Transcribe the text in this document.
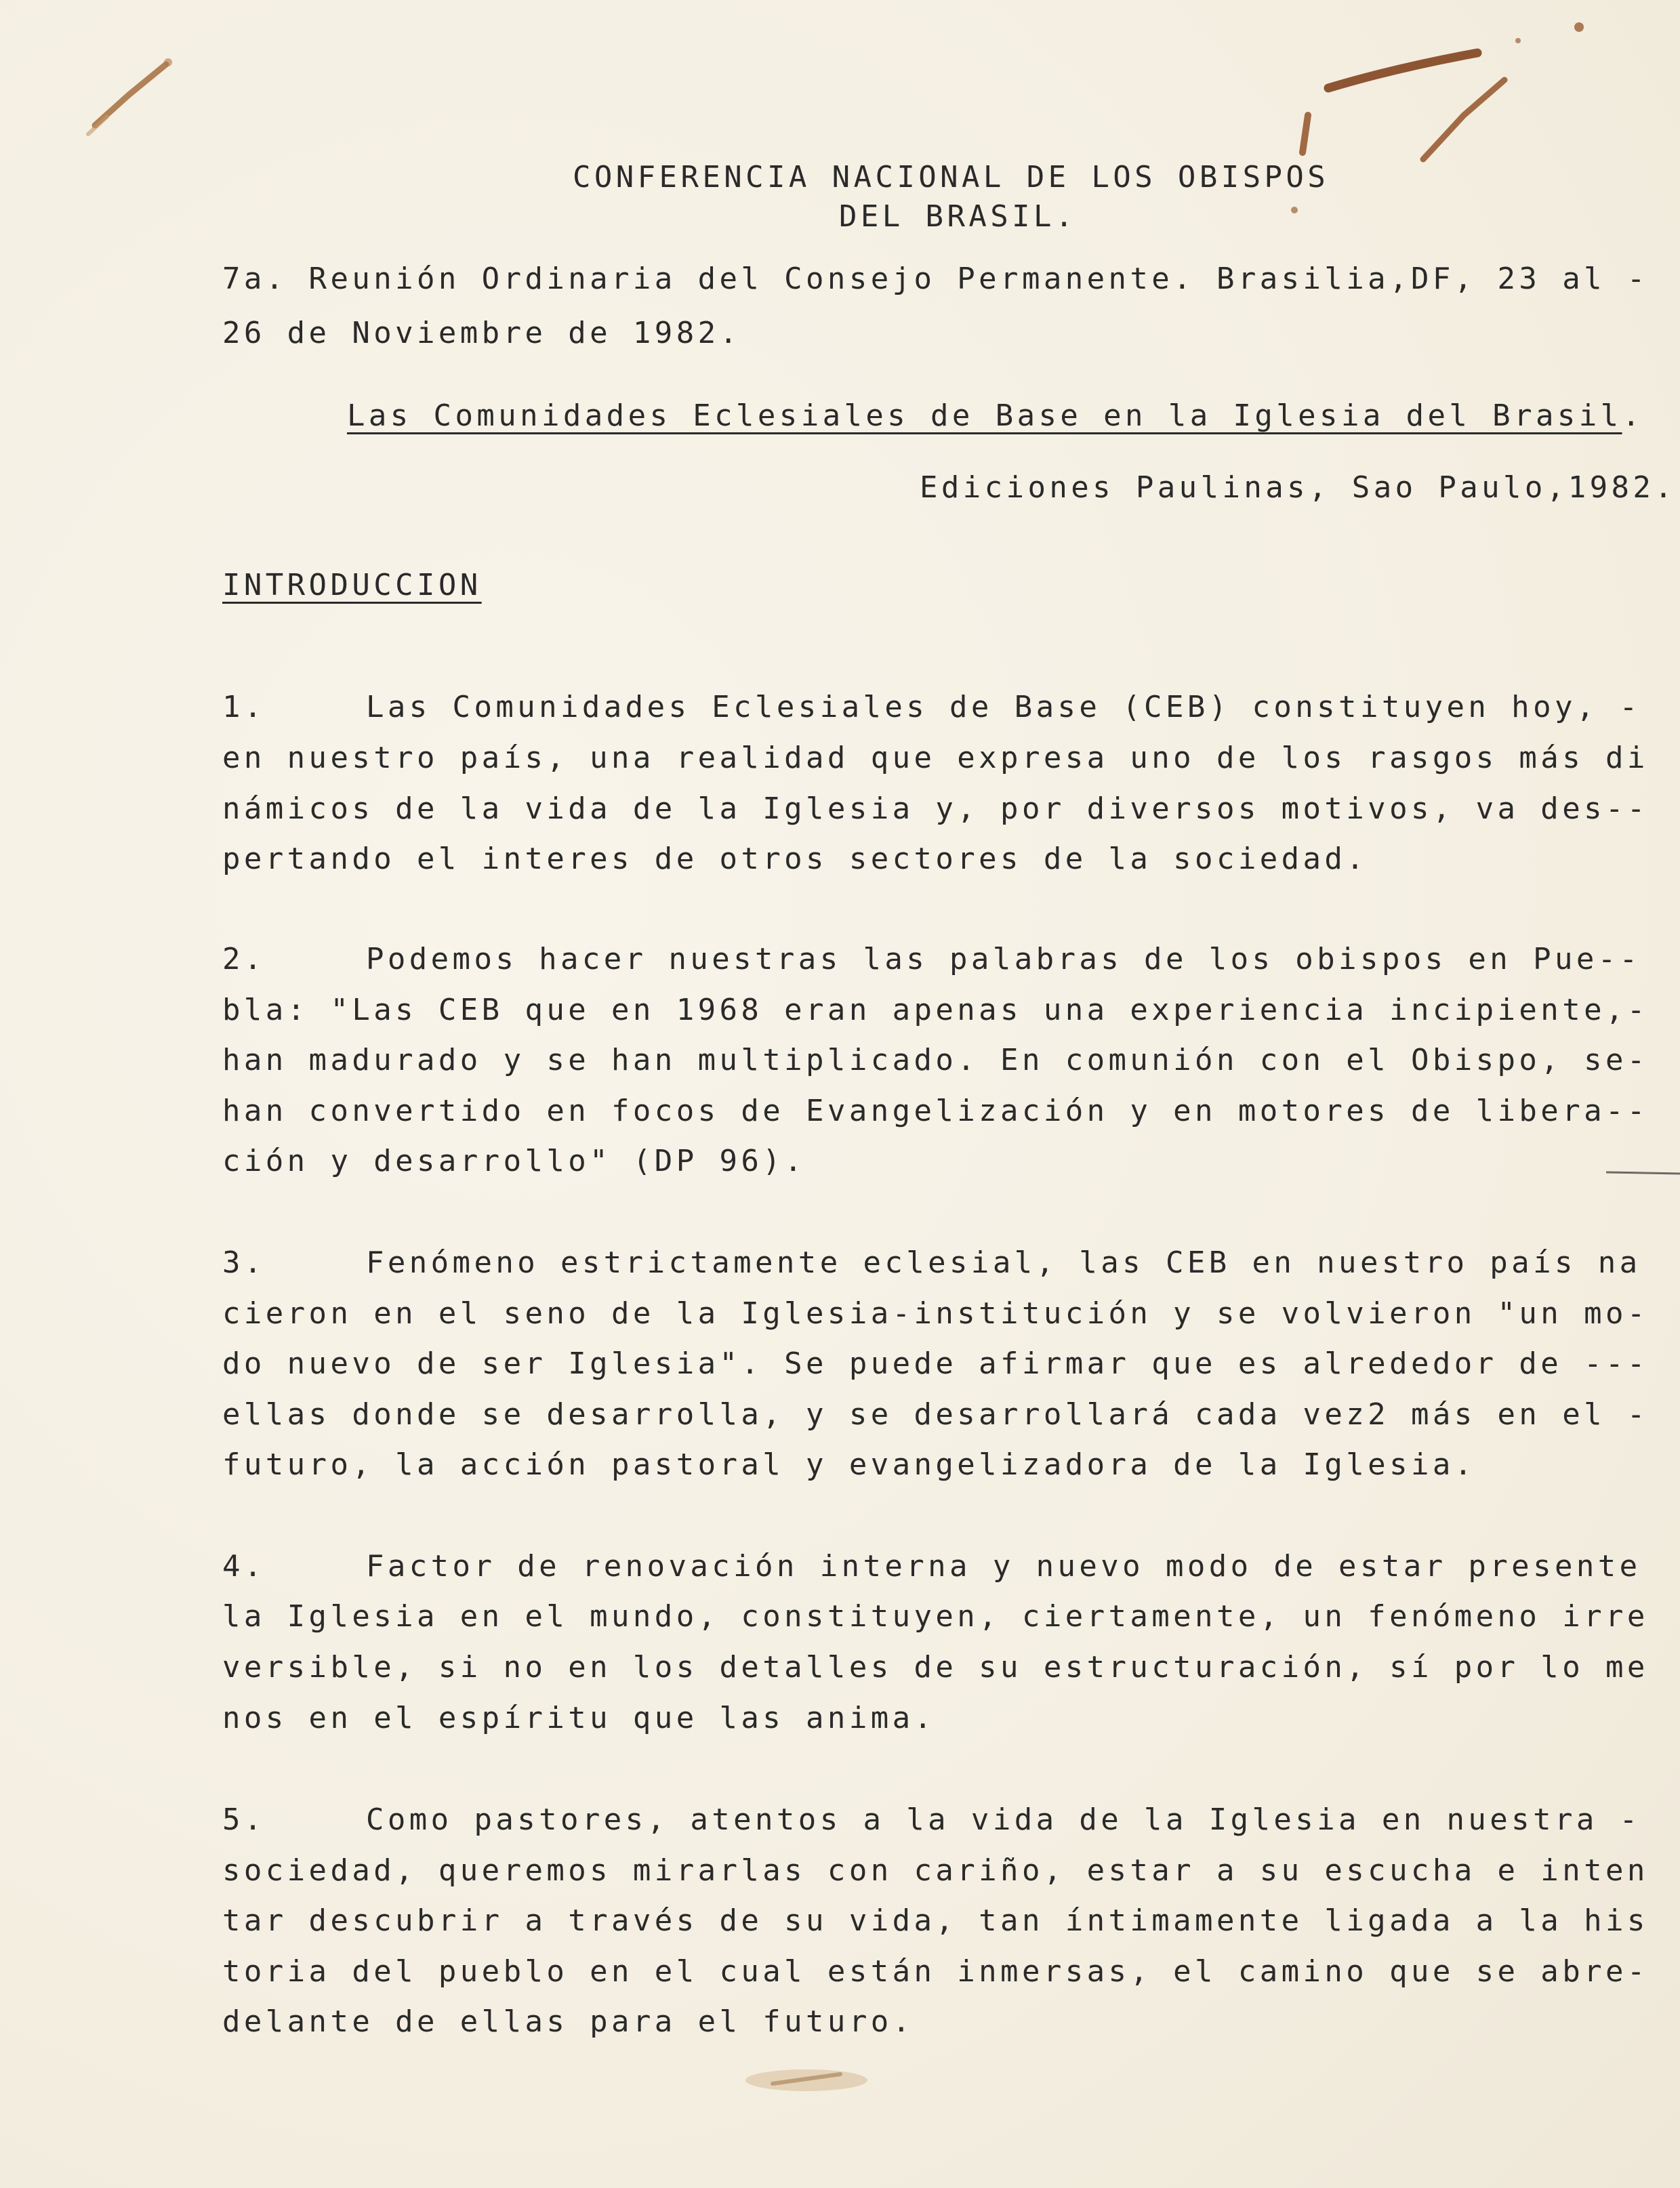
CONFERENCIA NACIONAL DE LOS OBISPOS

DEL BRASIL.

7a. Reunión Ordinaria del Consejo Permanente. Brasilia,DF, 23 al -

26 de Noviembre de 1982.

Las Comunidades Eclesiales de Base en la Iglesia del Brasil.

Ediciones Paulinas, Sao Paulo,1982.

INTRODUCCION

1.	Las Comunidades Eclesiales de Base (CEB) constituyen hoy, -

en nuestro país, una realidad que expresa uno de los rasgos más di

námicos de la vida de la Iglesia y, por diversos motivos, va des--

pertando el interes de otros sectores de la sociedad.

2.	Podemos hacer nuestras las palabras de los obispos en Pue--

bla: "Las CEB que en 1968 eran apenas una experiencia incipiente,-

han madurado y se han multiplicado. En comunión con el Obispo, se-

han convertido en focos de Evangelización y en motores de libera--

ción y desarrollo" (DP 96).

3.	Fenómeno estrictamente eclesial, las CEB en nuestro país na

cieron en el seno de la Iglesia-institución y se volvieron "un mo-

do nuevo de ser Iglesia". Se puede afirmar que es alrededor de ---

ellas donde se desarrolla, y se desarrollará cada vez2 más en el -

futuro, la acción pastoral y evangelizadora de la Iglesia.

4.	Factor de renovación interna y nuevo modo de estar presente

la Iglesia en el mundo, constituyen, ciertamente, un fenómeno irre

versible, si no en los detalles de su estructuración, sí por lo me

nos en el espíritu que las anima.

5.	Como pastores, atentos a la vida de la Iglesia en nuestra -

sociedad, queremos mirarlas con cariño, estar a su escucha e inten

tar descubrir a través de su vida, tan íntimamente ligada a la his

toria del pueblo en el cual están inmersas, el camino que se abre-

delante de ellas para el futuro.
